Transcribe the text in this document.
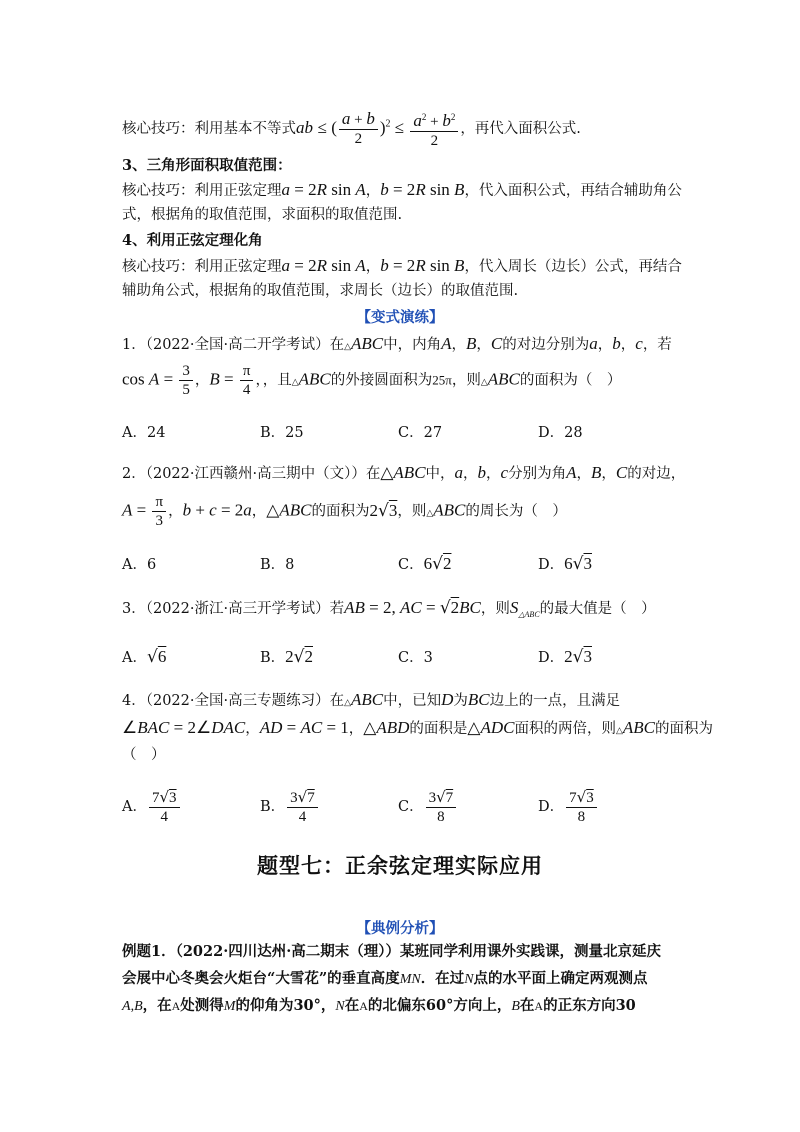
核心技巧：利用基本不等式ab ≤ ( $\frac{a + b}{2} )^2 \le \frac{a^2 + b^2}{2}$ ，再代入面积公式.
3、三角形面积取值范围：
核心技巧：利用正弦定理a = 2R sin A，b = 2R sin B，代入面积公式，再结合辅助角公
式，根据角的取值范围，求面积的取值范围.
4、利用正弦定理化角
核心技巧：利用正弦定理a = 2R sin A，b = 2R sin B，代入周长（边长）公式，再结合
辅助角公式，根据角的取值范围，求周长（边长）的取值范围.
【变式演练】
1．（2022·全国·高二开学考试）在△ABC中，内角A，B，C的对边分别为a，b，c，若
$\cos A = \frac{3}{5}$ ，$B = \frac{\pi}{4}$ ，，且△ABC的外接圆面积为25π，则△ABC的面积为（　）
A．24	B．25	C．27	D．28
2．（2022·江西赣州·高三期中（文））在△ABC中，a，b，c分别为角A，B，C的对边，
$A = \frac{\pi}{3}$ ，b + c = 2a，△ABC的面积为2√3，则△ABC的周长为（　）
A．6	B．8	C．6√2	D．6√3
3．（2022·浙江·高三开学考试）若AB = 2, AC = √2BC，则$S_{\triangle ABC}$的最大值是（　）
A．√6	B．2√2	C．3	D．2√3
4．（2022·全国·高三专题练习）在△ABC中，已知D为BC边上的一点，且满足
∠BAC = 2∠DAC，AD = AC = 1，△ABD的面积是△ADC面积的两倍，则△ABC的面积为
（　）
A． $\frac{7√3}{4}$	B． $\frac{3√7}{4}$	C． $\frac{3√7}{8}$	D． $\frac{7√3}{8}$
题型七：正余弦定理实际应用
【典例分析】
例题1．（2022·四川达州·高二期末（理））某班同学利用课外实践课，测量北京延庆
会展中心冬奥会火炬台“大雪花”的垂直高度MN．在过N点的水平面上确定两观测点
A,B，在A处测得M的仰角为30°，N在A的北偏东60°方向上，B在A的正东方向30
